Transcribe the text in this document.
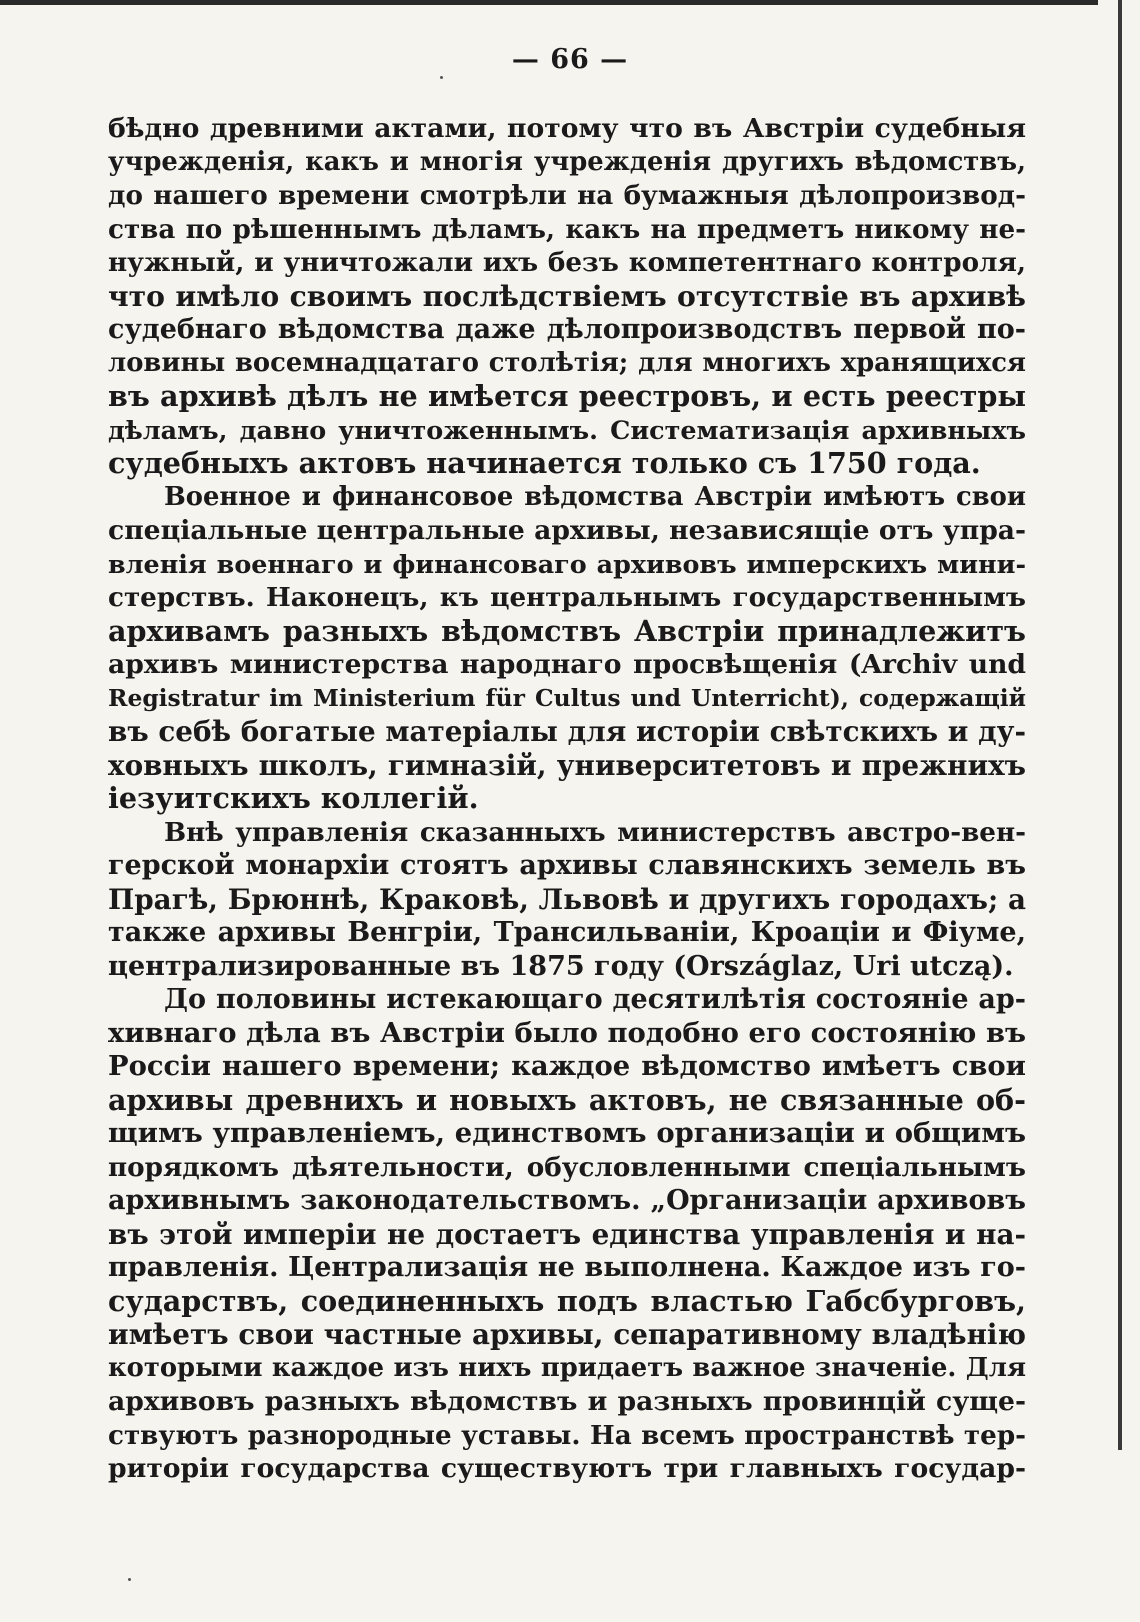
— 66 —
бѣдно древними актами, потому что въ Австріи судебныя
учрежденія, какъ и многія учрежденія другихъ вѣдомствъ,
до нашего времени смотрѣли на бумажныя дѣлопроизвод-
ства по рѣшеннымъ дѣламъ, какъ на предметъ никому не-
нужный, и уничтожали ихъ безъ компетентнаго контроля,
что имѣло своимъ послѣдствіемъ отсутствіе въ архивѣ
судебнаго вѣдомства даже дѣлопроизводствъ первой по-
ловины восемнадцатаго столѣтія; для многихъ хранящихся
въ архивѣ дѣлъ не имѣется реестровъ, и есть реестры
дѣламъ, давно уничтоженнымъ. Систематизація архивныхъ
судебныхъ актовъ начинается только съ 1750 года.
Военное и финансовое вѣдомства Австріи имѣютъ свои
спеціальные центральные архивы, независящіе отъ упра-
вленія военнаго и финансоваго архивовъ имперскихъ мини-
стерствъ. Наконецъ, къ центральнымъ государственнымъ
архивамъ разныхъ вѣдомствъ Австріи принадлежитъ
архивъ министерства народнаго просвѣщенія (Archiv und
Registratur im Ministerium für Cultus und Unterricht), содержащій
въ себѣ богатые матеріалы для исторіи свѣтскихъ и ду-
ховныхъ школъ, гимназій, университетовъ и прежнихъ
іезуитскихъ коллегій.
Внѣ управленія сказанныхъ министерствъ австро-вен-
герской монархіи стоятъ архивы славянскихъ земель въ
Прагѣ, Брюннѣ, Краковѣ, Львовѣ и другихъ городахъ; а
также архивы Венгріи, Трансильваніи, Кроаціи и Фіуме,
централизированные въ 1875 году (Országlaz, Uri utczą).
До половины истекающаго десятилѣтія состояніе ар-
хивнаго дѣла въ Австріи было подобно его состоянію въ
Россіи нашего времени; каждое вѣдомство имѣетъ свои
архивы древнихъ и новыхъ актовъ, не связанные об-
щимъ управленіемъ, единствомъ организаціи и общимъ
порядкомъ дѣятельности, обусловленными спеціальнымъ
архивнымъ законодательствомъ. „Организаціи архивовъ
въ этой имперіи не достаетъ единства управленія и на-
правленія. Централизація не выполнена. Каждое изъ го-
сударствъ, соединенныхъ подъ властью Габсбурговъ,
имѣетъ свои частные архивы, сепаративному владѣнію
которыми каждое изъ нихъ придаетъ важное значеніе. Для
архивовъ разныхъ вѣдомствъ и разныхъ провинцій суще-
ствуютъ разнородные уставы. На всемъ пространствѣ тер-
риторіи государства существуютъ три главныхъ государ-
